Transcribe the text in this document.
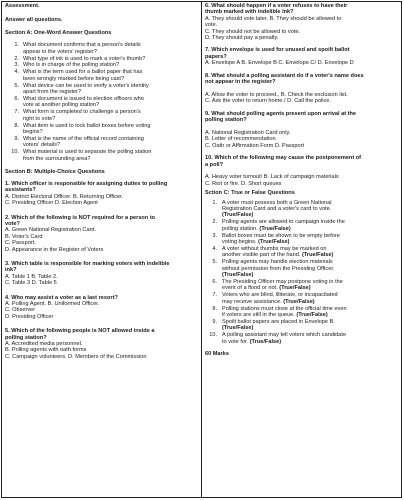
Assessment.
Answer all questions.
Section A: One-Word Answer Questions
1. What document confirms that a person's details
appear in the voters' register?
2. What type of ink is used to mark a voter's thumb?
3. Who is in charge of the polling station?
4. What is the term used for a ballot paper that has
been wrongly marked before being cast?
5. What device can be used to verify a voter's identity
apart from the register?
6. What document is issued to election officers who
vote at another polling station?
7. What form is completed to challenge a person's
right to vote?
8. What item is used to lock ballot boxes before voting
begins?
9. What is the name of the official record containing
voters' details?
10. What material is used to separate the polling station
from the surrounding area?
Section B: Multiple-Choice Questions
1. Which officer is responsible for assigning duties to polling
assistants?
A. District Electoral Officer. B. Returning Officer.
C. Presiding Officer D. Election Agent
2. Which of the following is NOT required for a person to
vote?
A. Green National Registration Card.
B. Voter's Card
C. Passport.
D. Appearance in the Register of Voters
3. Which table is responsible for marking voters with indelible
ink?
A. Table 1 B. Table 2.
C. Table 3 D. Table 5
4. Who may assist a voter as a last resort?
A. Polling Agent. B. Uniformed Officer.
C. Observer
D. Presiding Officer
5. Which of the following people is NOT allowed inside a
polling station?
A. Accredited media personnel.
B. Polling agents with oath forms
C. Campaign volunteers. D. Members of the Commission
6. What should happen if a voter refuses to have their
thumb marked with indelible ink?
A. They should vote later. B. They should be allowed to
vote.
C. They should not be allowed to vote.
D. They should pay a penalty.
7. Which envelope is used for unused and spoilt ballot
papers?
A. Envelope A B. Envelope B C. Envelope C/ D. Envelope D
8. What should a polling assistant do if a voter's name does
not appear in the register?

A. Allow the voter to proceed., B. Check the exclusion list.
C. Ask the voter to return home./ D. Call the police.
9. What should polling agents present upon arrival at the
polling station?

A. National Registration Card only.
B. Letter of recommendation
C. Oath or Affirmation Form D. Passport
10. Which of the following may cause the postponement of
a poll?

A. Heavy voter turnout/ B. Lack of campaign materials
C. Riot or fire. D. Short queues
Sction C: True or False Questions
1. A voter must possess both a Green National
Registration Card and a voter's card to vote.
(True/False)
2. Polling agents are allowed to campaign inside the
polling station. (True/False)
3. Ballot boxes must be shown to be empty before
voting begins. (True/False)
4. A voter without thumbs may be marked on
another visible part of the hand. (True/False)
5. Polling agents may handle election materials
without permission from the Presiding Officer.
(True/False)
6. The Presiding Officer may postpone voting in the
event of a flood or riot. (True/False)
7. Voters who are blind, illiterate, or incapacitated
may receive assistance. (True/False)
8. Polling stations must close at the official time even
if voters are still in the queue. (True/False)
9. Spoilt ballot papers are placed in Envelope B.
(True/False)
10. A polling assistant may tell voters which candidate
to vote for. (True/False)
60 Marks
